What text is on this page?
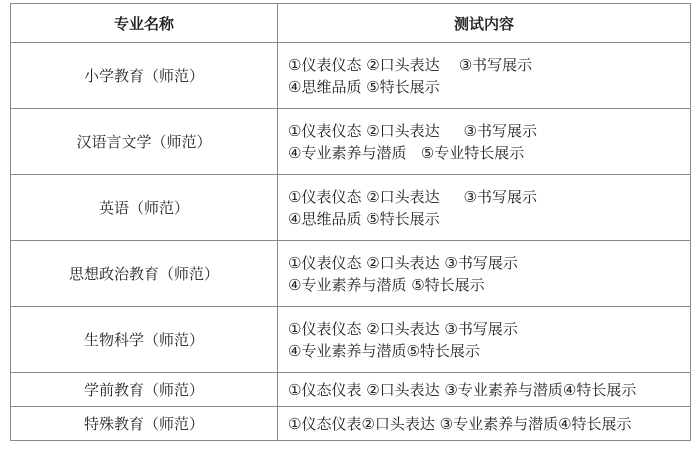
专业名称	测试内容
小学教育（师范）	①仪表仪态 ②口头表达    ③书写展示
④思维品质 ⑤特长展示

汉语言文学（师范）	①仪表仪态 ②口头表达     ③书写展示
④专业素养与潜质   ⑤专业特长展示

英语（师范）	①仪表仪态 ②口头表达     ③书写展示
④思维品质 ⑤特长展示

思想政治教育（师范）	①仪表仪态 ②口头表达 ③书写展示
④专业素养与潜质 ⑤特长展示

生物科学（师范）	①仪表仪态 ②口头表达 ③书写展示
④专业素养与潜质⑤特长展示

学前教育（师范）	①仪态仪表 ②口头表达 ③专业素养与潜质④特长展示

特殊教育（师范）	①仪态仪表②口头表达 ③专业素养与潜质④特长展示
